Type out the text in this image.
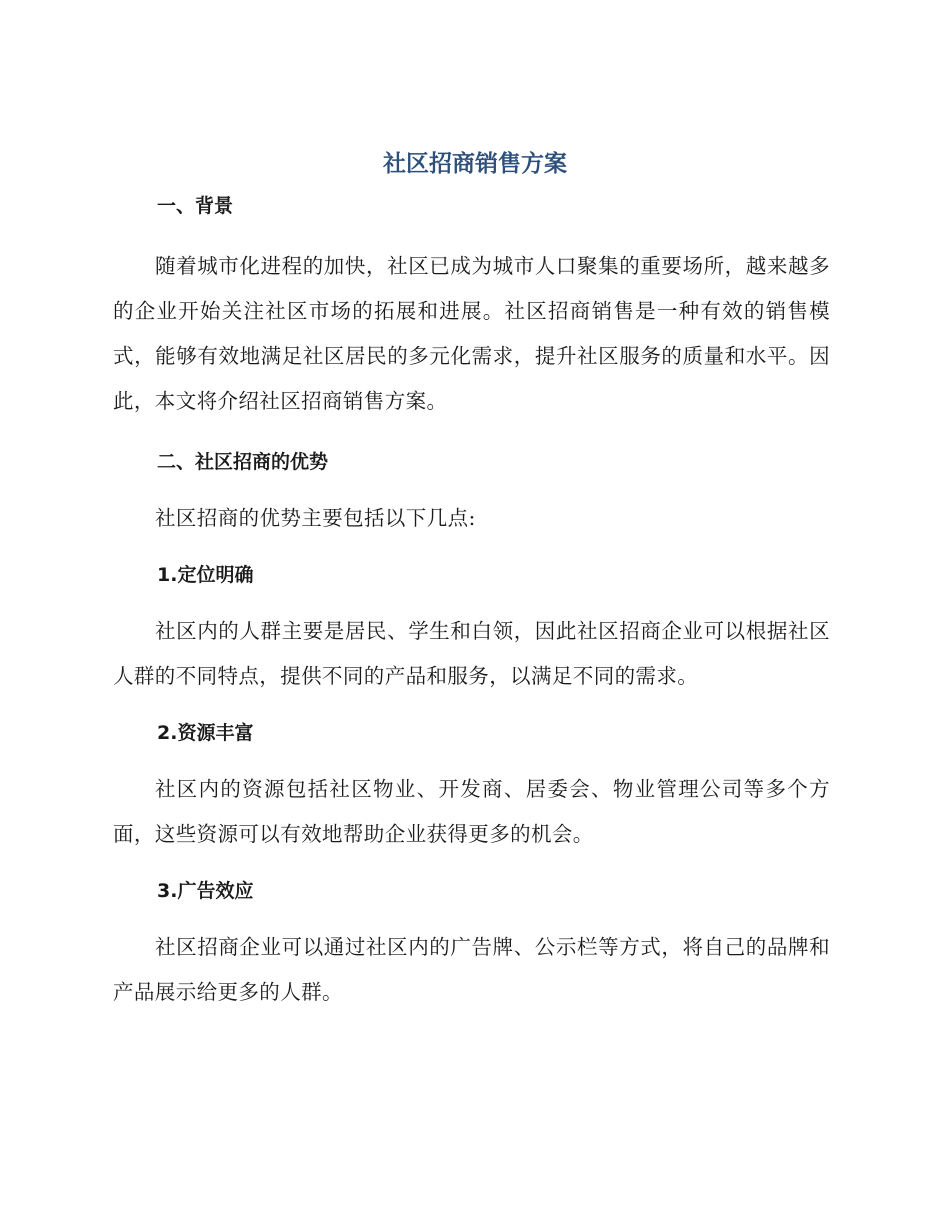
社区招商销售方案
一、背景

随着城市化进程的加快，社区已成为城市人口聚集的重要场所，越来越多的企业开始关注社区市场的拓展和进展。社区招商销售是一种有效的销售模式，能够有效地满足社区居民的多元化需求，提升社区服务的质量和水平。因此，本文将介绍社区招商销售方案。

二、社区招商的优势

社区招商的优势主要包括以下几点:

1.定位明确

社区内的人群主要是居民、学生和白领，因此社区招商企业可以根据社区人群的不同特点，提供不同的产品和服务，以满足不同的需求。

2.资源丰富

社区内的资源包括社区物业、开发商、居委会、物业管理公司等多个方面，这些资源可以有效地帮助企业获得更多的机会。

3.广告效应

社区招商企业可以通过社区内的广告牌、公示栏等方式，将自己的品牌和产品展示给更多的人群。
